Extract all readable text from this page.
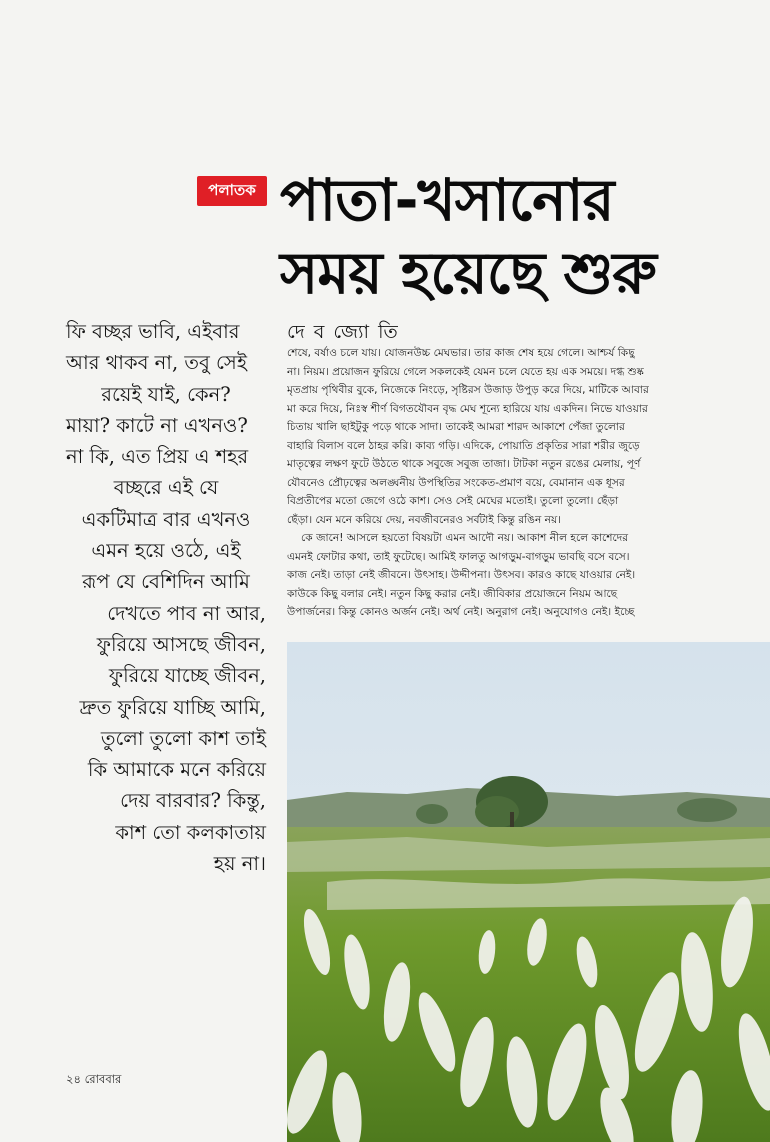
পলাতক পাতা-খসানোর
সময় হয়েছে শুরু
ফি বচ্ছর ভাবি, এইবার
আর থাকব না, তবু সেই
রয়েই যাই, কেন?
মায়া? কাটে না এখনও?
না কি, এত প্রিয় এ শহর
বচ্ছরে এই যে
একটিমাত্র বার এখনও
এমন হয়ে ওঠে, এই
রূপ যে বেশিদিন আমি
দেখতে পাব না আর,
ফুরিয়ে আসছে জীবন,
ফুরিয়ে যাচ্ছে জীবন,
দ্রুত ফুরিয়ে যাচ্ছি আমি,
তুলো তুলো কাশ তাই
কি আমাকে মনে করিয়ে
দেয় বারবার? কিন্তু,
কাশ তো কলকাতায়
হয় না।
দে ব জ্যো তি
শেষে, বর্ষাও চলে যায়। যোজনউচ্চ মেঘভার। তার কাজ শেষ হয়ে গেলে। আশ্চর্য কিছু
না। নিয়ম। প্রয়োজন ফুরিয়ে গেলে সকলকেই যেমন চলে যেতে হয় এক সময়ে। দগ্ধ শুষ্ক
মৃতপ্রায় পৃথিবীর বুকে, নিজেকে নিংড়ে, সৃষ্টিরস উজাড় উপুড় করে দিয়ে, মাটিকে আবার
মা করে দিয়ে, নিঃস্ব শীর্ণ বিগতযৌবন বৃদ্ধ মেঘ শূন্যে হারিয়ে যায় একদিন। নিভে যাওয়ার
চিতায় খালি ছাইটুকু পড়ে থাকে সাদা। তাকেই আমরা শারদ আকাশে পেঁজা তুলোর
বাহারি বিলাস বলে ঠাহর করি। কাব্য গড়ি। এদিকে, পোয়াতি প্রকৃতির সারা শরীর জুড়ে
মাতৃত্বের লক্ষণ ফুটে উঠতে থাকে সবুজে সবুজ তাজা। টাটকা নতুন রঙের মেলায়, পূর্ণ
যৌবনেও প্রৌঢ়ত্বের অলঙ্ঘনীয় উপস্থিতির সংকেত-প্রমাণ বয়ে, বেমানান এক ধূসর
বিপ্রতীপের মতো জেগে ওঠে কাশ। সেও সেই মেঘের মতোই। তুলো তুলো। ছেঁড়া
ছেঁড়া। যেন মনে করিয়ে দেয়, নবজীবনেরও সর্বটাই কিন্তু রঙিন নয়।
কে জানে! আসলে হয়তো বিষয়টা এমন আদৌ নয়। আকাশ নীল হলে কাশেদের
এমনই ফোটার কথা, তাই ফুটেছে। আমিই ফালতু আগড়ুম-বাগড়ুম ভাবছি বসে বসে।
কাজ নেই। তাড়া নেই জীবনে। উৎসাহ। উদ্দীপনা। উৎসব। কারও কাছে যাওয়ার নেই।
কাউকে কিছু বলার নেই। নতুন কিছু করার নেই। জীবিকার প্রয়োজনে নিয়ম আছে
উপার্জনের। কিন্তু কোনও অর্জন নেই। অর্থ নেই। অনুরাগ নেই। অনুযোগও নেই। ইচ্ছে
২৪ রোববার
